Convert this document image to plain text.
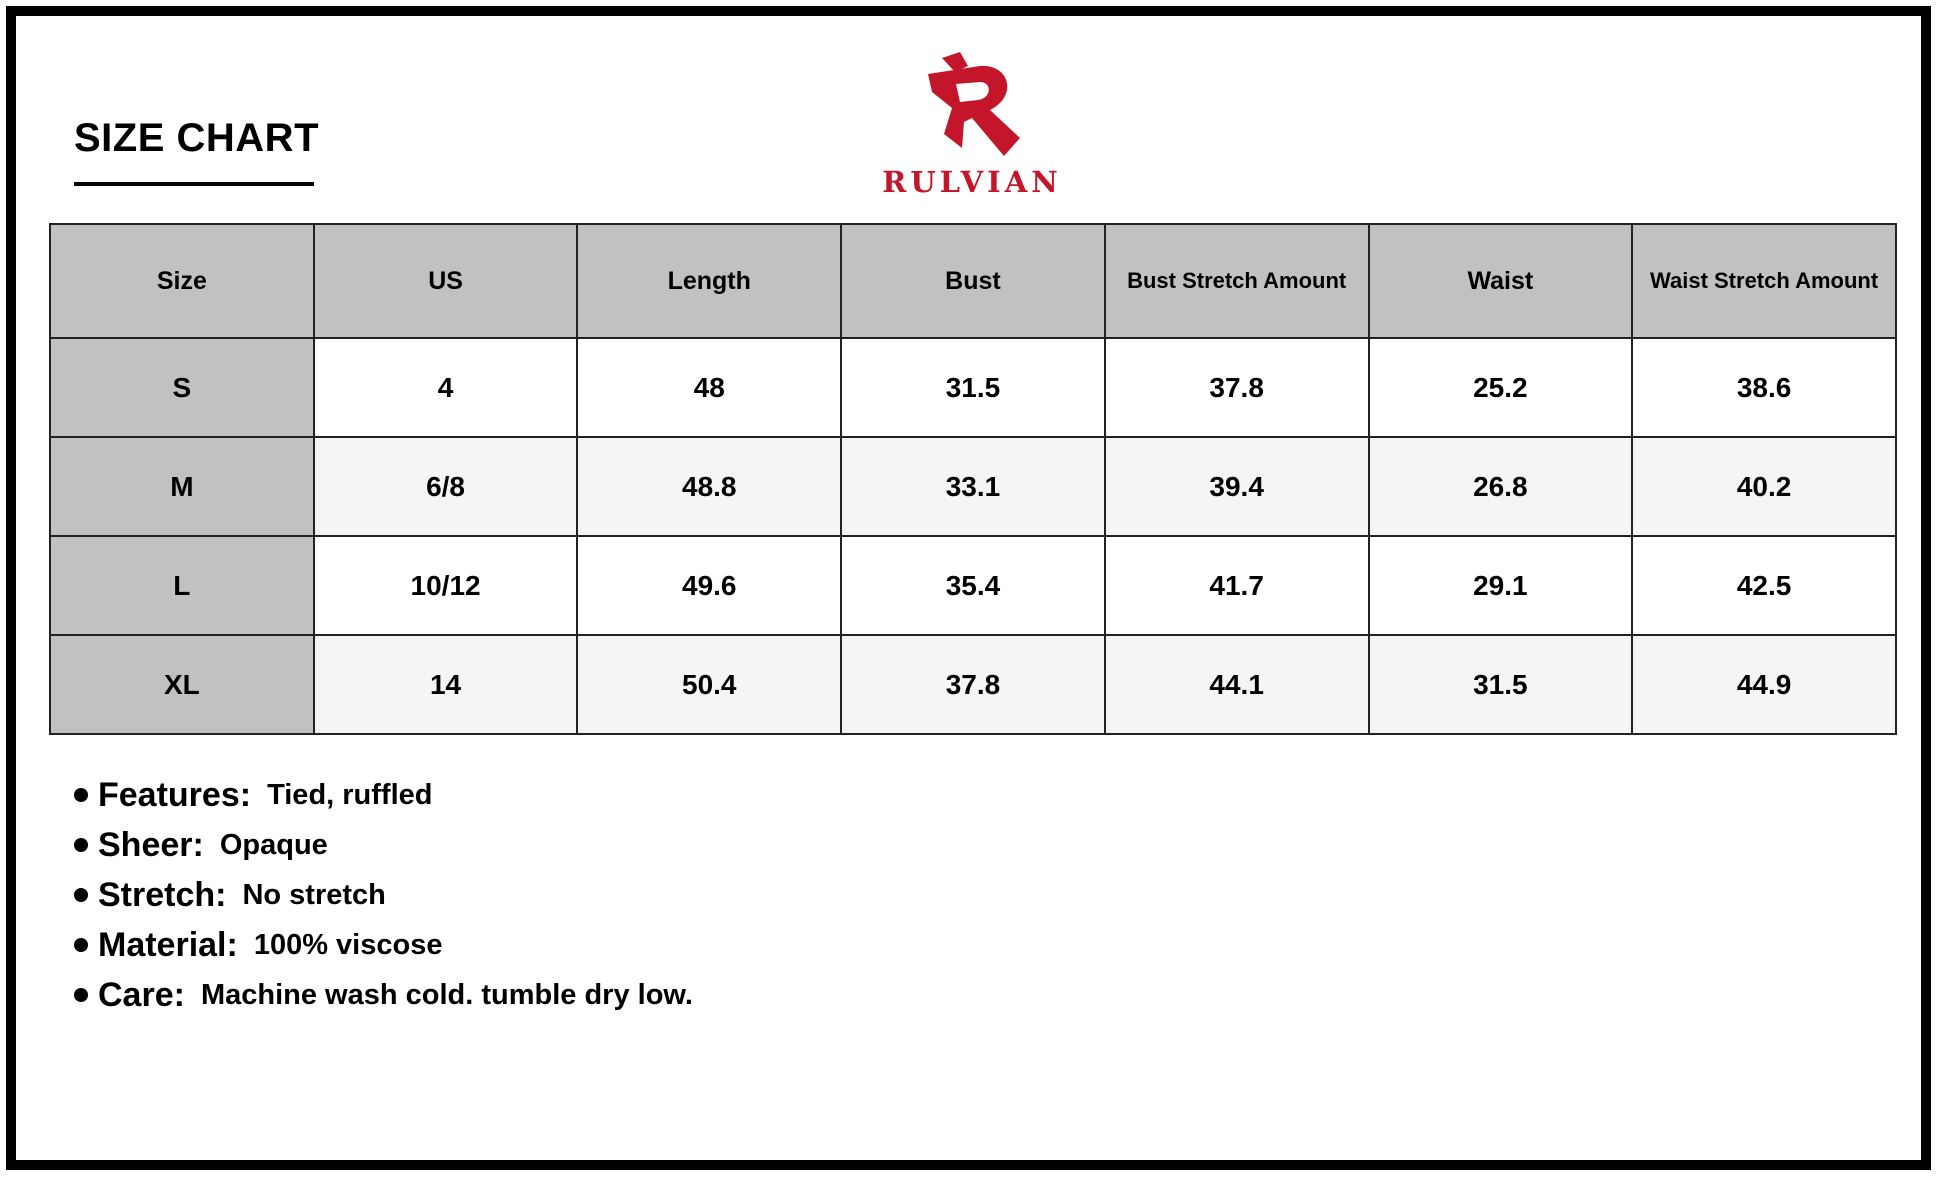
SIZE CHART
RULVIAN
Size	US	Length	Bust	Bust Stretch Amount	Waist	Waist Stretch Amount
S	4	48	31.5	37.8	25.2	38.6
M	6/8	48.8	33.1	39.4	26.8	40.2
L	10/12	49.6	35.4	41.7	29.1	42.5
XL	14	50.4	37.8	44.1	31.5	44.9
Features: Tied, ruffled
Sheer: Opaque
Stretch: No stretch
Material: 100% viscose
Care: Machine wash cold. tumble dry low.
